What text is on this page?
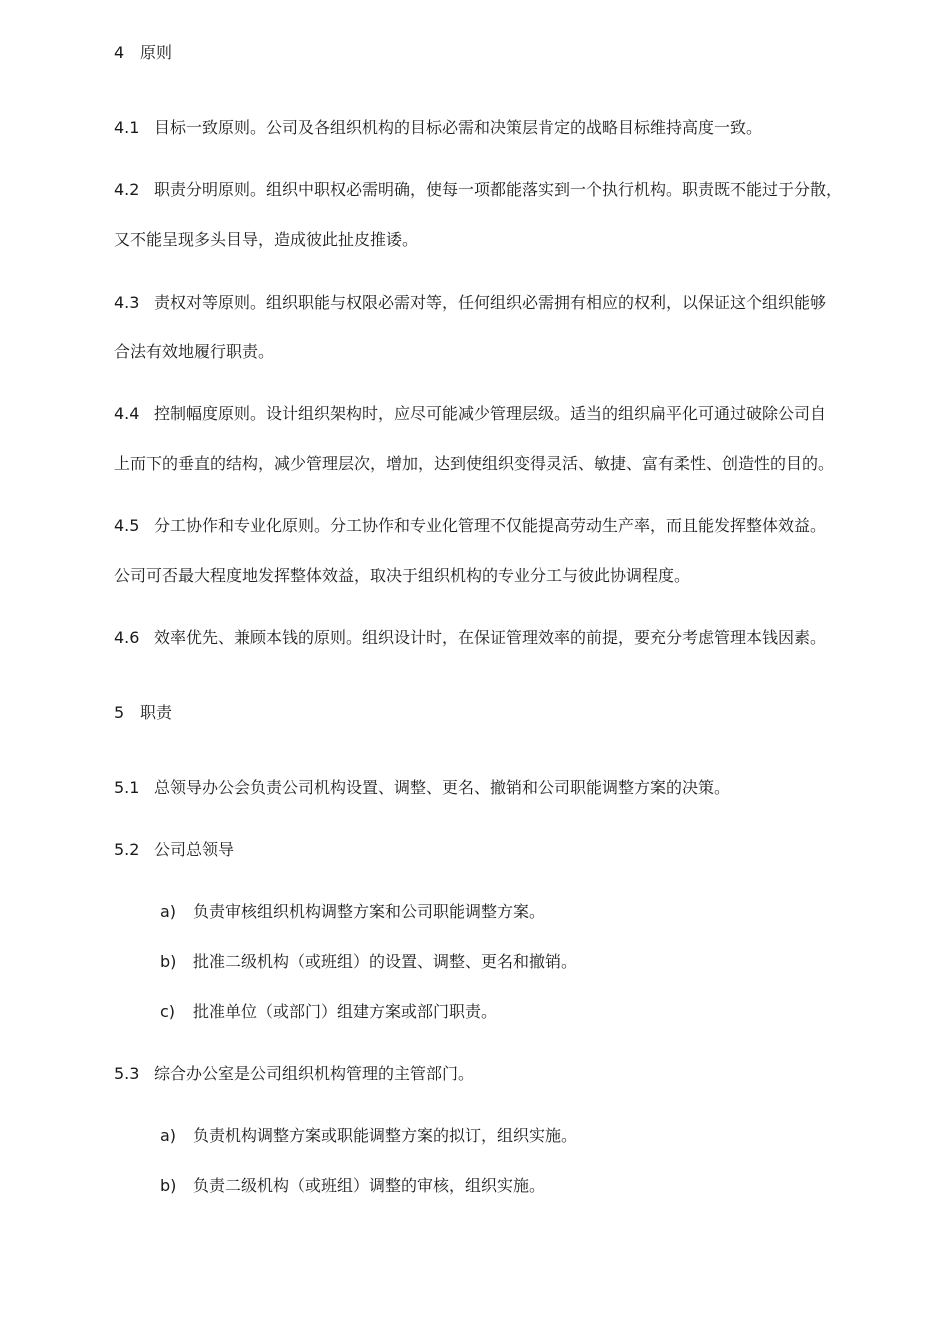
4 原则
4.1 目标一致原则。公司及各组织机构的目标必需和决策层肯定的战略目标维持高度一致。
4.2 职责分明原则。组织中职权必需明确，使每一项都能落实到一个执行机构。职责既不能过于分散，
又不能呈现多头目导，造成彼此扯皮推诿。
4.3 责权对等原则。组织职能与权限必需对等，任何组织必需拥有相应的权利，以保证这个组织能够
合法有效地履行职责。
4.4 控制幅度原则。设计组织架构时，应尽可能减少管理层级。适当的组织扁平化可通过破除公司自
上而下的垂直的结构，减少管理层次，增加，达到使组织变得灵活、敏捷、富有柔性、创造性的目的。
4.5 分工协作和专业化原则。分工协作和专业化管理不仅能提高劳动生产率，而且能发挥整体效益。
公司可否最大程度地发挥整体效益，取决于组织机构的专业分工与彼此协调程度。
4.6 效率优先、兼顾本钱的原则。组织设计时，在保证管理效率的前提，要充分考虑管理本钱因素。
5 职责
5.1 总领导办公会负责公司机构设置、调整、更名、撤销和公司职能调整方案的决策。
5.2 公司总领导
a) 负责审核组织机构调整方案和公司职能调整方案。
b) 批准二级机构（或班组）的设置、调整、更名和撤销。
c) 批准单位（或部门）组建方案或部门职责。
5.3 综合办公室是公司组织机构管理的主管部门。
a) 负责机构调整方案或职能调整方案的拟订，组织实施。
b) 负责二级机构（或班组）调整的审核，组织实施。
